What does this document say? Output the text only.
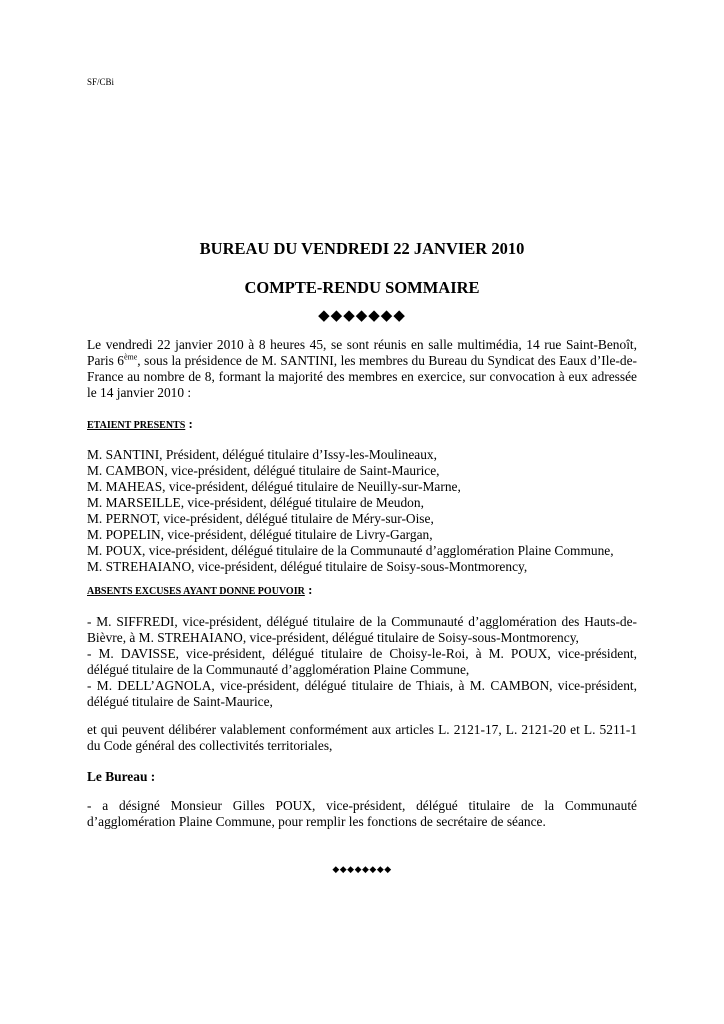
SF/CBi
BUREAU DU VENDREDI 22 JANVIER 2010
COMPTE-RENDU SOMMAIRE
◆◆◆◆◆◆◆
Le vendredi 22 janvier 2010 à 8 heures 45, se sont réunis en salle multimédia, 14 rue Saint-Benoît, Paris 6ème, sous la présidence de M. SANTINI, les membres du Bureau du Syndicat des Eaux d’Ile-de-France au nombre de 8, formant la majorité des membres en exercice, sur convocation à eux adressée le 14 janvier 2010 :
ETAIENT PRESENTS :
M. SANTINI, Président, délégué titulaire d’Issy-les-Moulineaux,
M. CAMBON, vice-président, délégué titulaire de Saint-Maurice,
M. MAHEAS, vice-président, délégué titulaire de Neuilly-sur-Marne,
M. MARSEILLE, vice-président, délégué titulaire de Meudon,
M. PERNOT, vice-président, délégué titulaire de Méry-sur-Oise,
M. POPELIN, vice-président, délégué titulaire de Livry-Gargan,
M. POUX, vice-président, délégué titulaire de la Communauté d’agglomération Plaine Commune,
M. STREHAIANO, vice-président, délégué titulaire de Soisy-sous-Montmorency,
ABSENTS EXCUSES AYANT DONNE POUVOIR :
- M. SIFFREDI, vice-président, délégué titulaire de la Communauté d’agglomération des Hauts-de-Bièvre, à M. STREHAIANO, vice-président, délégué titulaire de Soisy-sous-Montmorency,
- M. DAVISSE, vice-président, délégué titulaire de Choisy-le-Roi, à M. POUX, vice-président, délégué titulaire de la Communauté d’agglomération Plaine Commune,
- M. DELL’AGNOLA, vice-président, délégué titulaire de Thiais, à M. CAMBON, vice-président, délégué titulaire de Saint-Maurice,
et qui peuvent délibérer valablement conformément aux articles L. 2121-17, L. 2121-20 et L. 5211-1 du Code général des collectivités territoriales,
Le Bureau :
- a désigné Monsieur Gilles POUX, vice-président, délégué titulaire de la Communauté d’agglomération Plaine Commune, pour remplir les fonctions de secrétaire de séance.
◆◆◆◆◆◆◆◆
